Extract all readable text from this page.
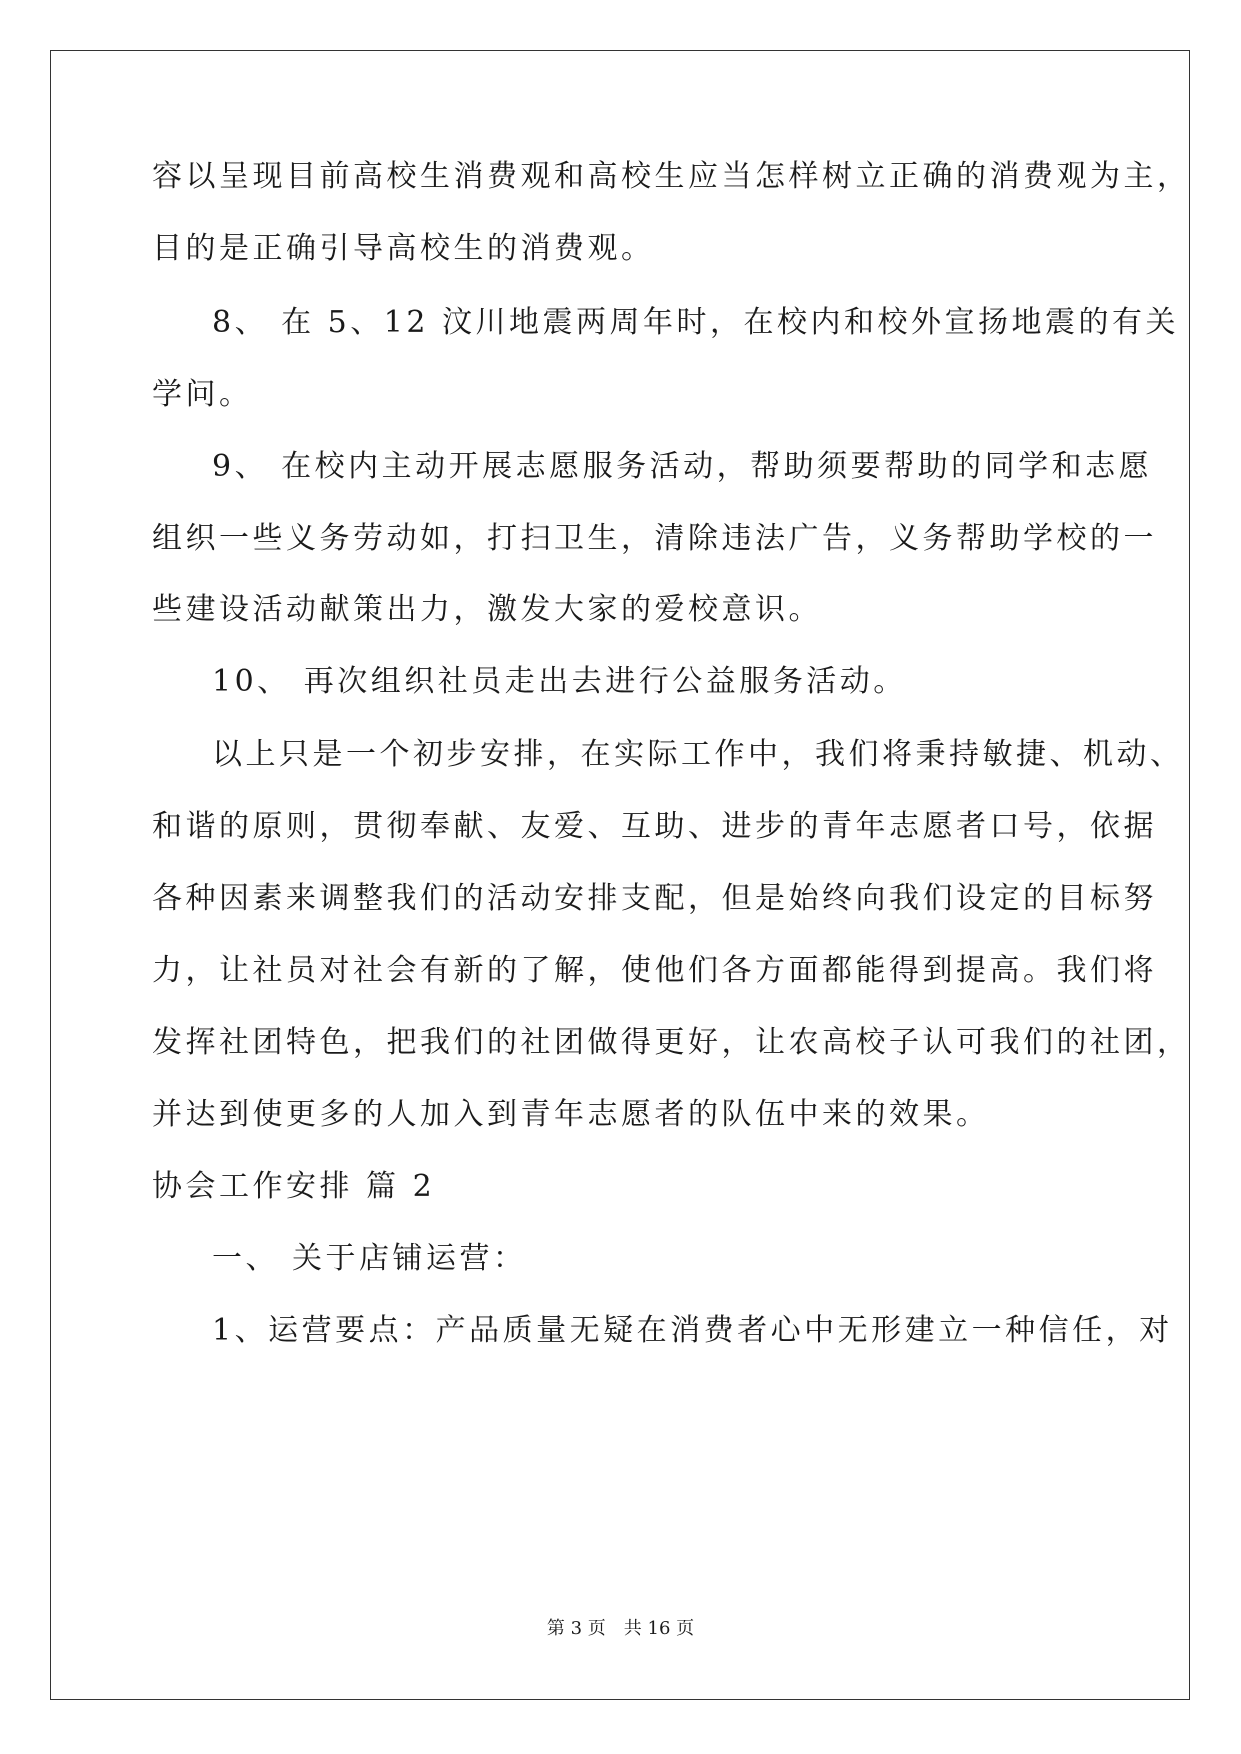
容以呈现目前高校生消费观和高校生应当怎样树立正确的消费观为主，
目的是正确引导高校生的消费观。
8、 在 5、12 汶川地震两周年时，在校内和校外宣扬地震的有关
学问。
9、 在校内主动开展志愿服务活动，帮助须要帮助的同学和志愿
组织一些义务劳动如，打扫卫生，清除违法广告，义务帮助学校的一
些建设活动献策出力，激发大家的爱校意识。
10、 再次组织社员走出去进行公益服务活动。
以上只是一个初步安排，在实际工作中，我们将秉持敏捷、机动、
和谐的原则，贯彻奉献、友爱、互助、进步的青年志愿者口号，依据
各种因素来调整我们的活动安排支配，但是始终向我们设定的目标努
力，让社员对社会有新的了解，使他们各方面都能得到提高。我们将
发挥社团特色，把我们的社团做得更好，让农高校子认可我们的社团，
并达到使更多的人加入到青年志愿者的队伍中来的效果。
协会工作安排 篇 2
一、 关于店铺运营：
1、运营要点：产品质量无疑在消费者心中无形建立一种信任，对
第 3 页　共 16 页
